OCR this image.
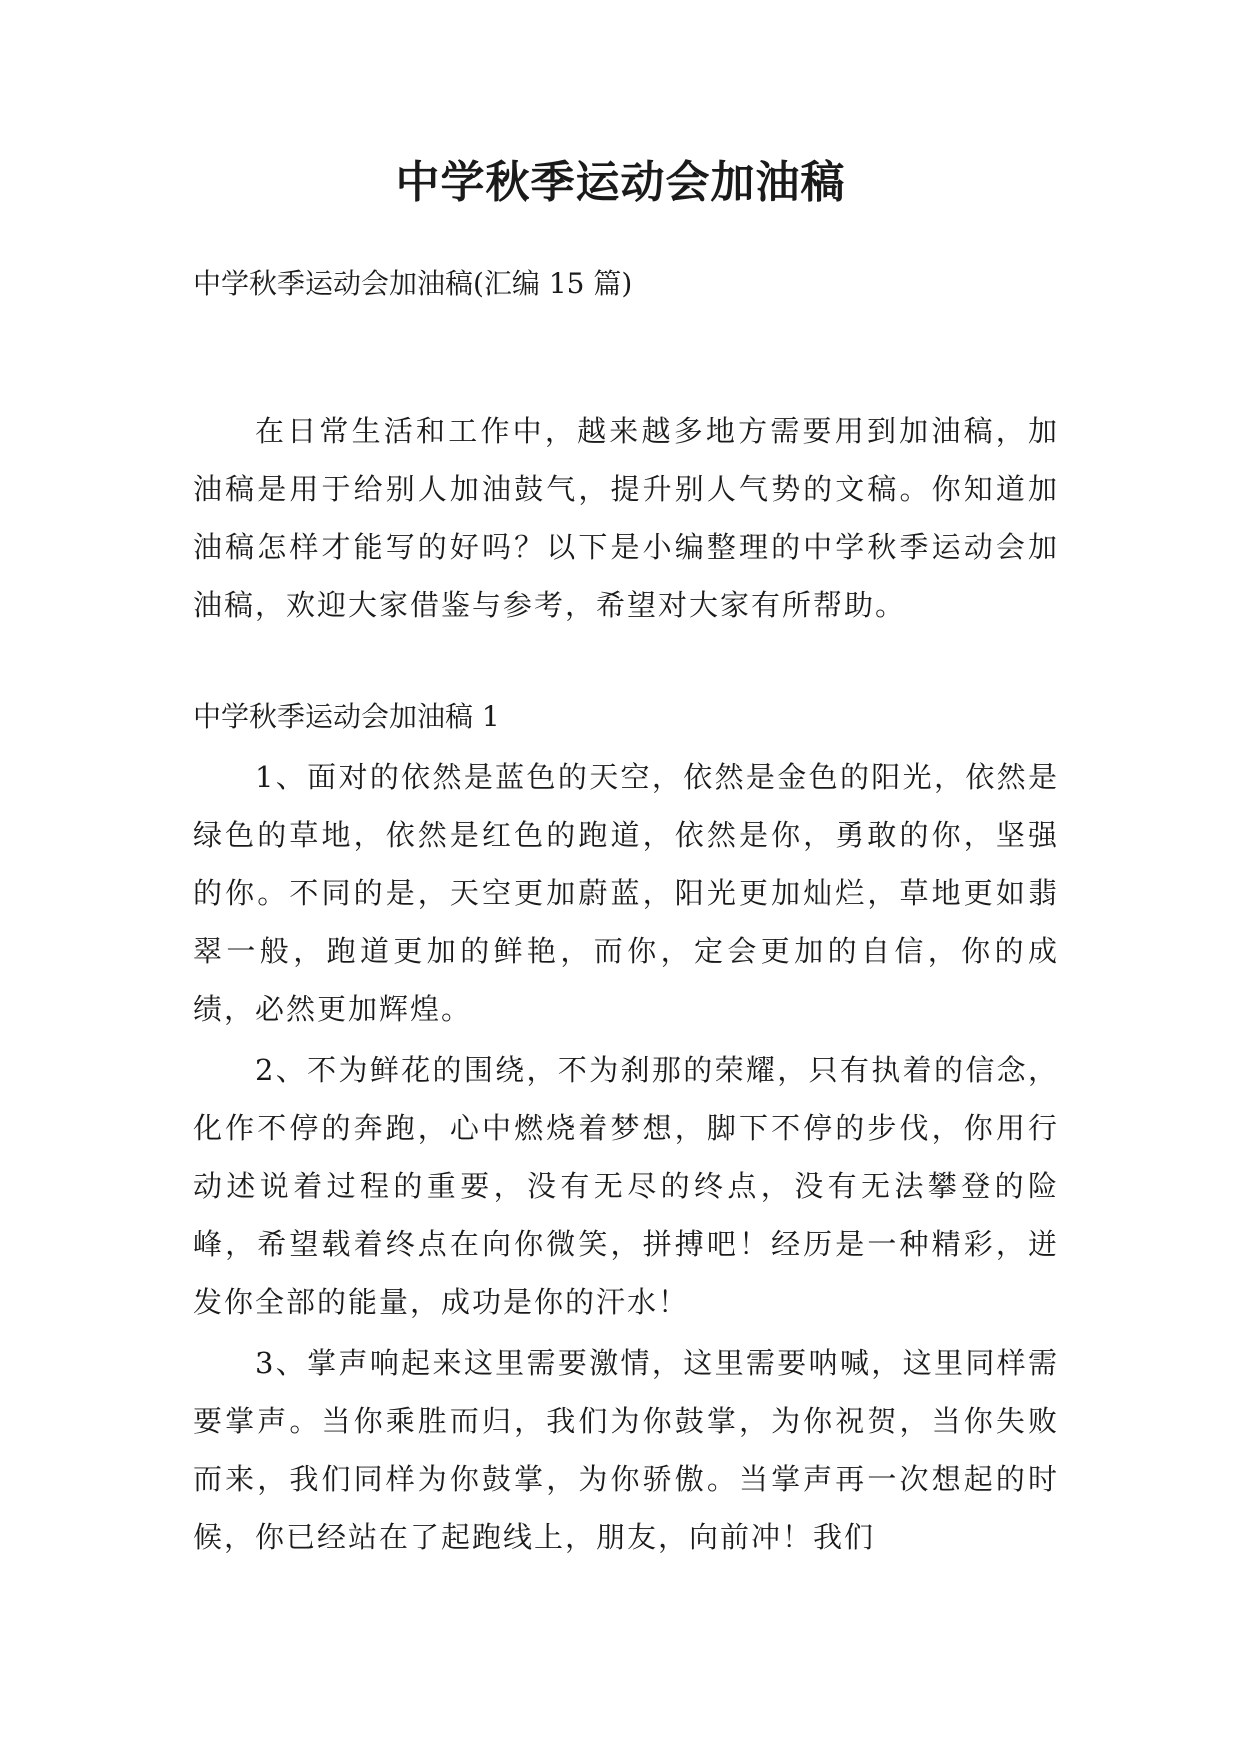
中学秋季运动会加油稿

中学秋季运动会加油稿(汇编 15 篇)

在日常生活和工作中，越来越多地方需要用到加油稿，加油稿是用于给别人加油鼓气，提升别人气势的文稿。你知道加油稿怎样才能写的好吗？以下是小编整理的中学秋季运动会加油稿，欢迎大家借鉴与参考，希望对大家有所帮助。

中学秋季运动会加油稿 1

1、面对的依然是蓝色的天空，依然是金色的阳光，依然是绿色的草地，依然是红色的跑道，依然是你，勇敢的你，坚强的你。不同的是，天空更加蔚蓝，阳光更加灿烂，草地更如翡翠一般，跑道更加的鲜艳，而你，定会更加的自信，你的成绩，必然更加辉煌。

2、不为鲜花的围绕，不为刹那的荣耀，只有执着的信念，化作不停的奔跑，心中燃烧着梦想，脚下不停的步伐，你用行动述说着过程的重要，没有无尽的终点，没有无法攀登的险峰，希望载着终点在向你微笑，拼搏吧！经历是一种精彩，迸发你全部的能量，成功是你的汗水！

3、掌声响起来这里需要激情，这里需要呐喊，这里同样需要掌声。当你乘胜而归，我们为你鼓掌，为你祝贺，当你失败而来，我们同样为你鼓掌，为你骄傲。当掌声再一次想起的时候，你已经站在了起跑线上，朋友，向前冲！我们
